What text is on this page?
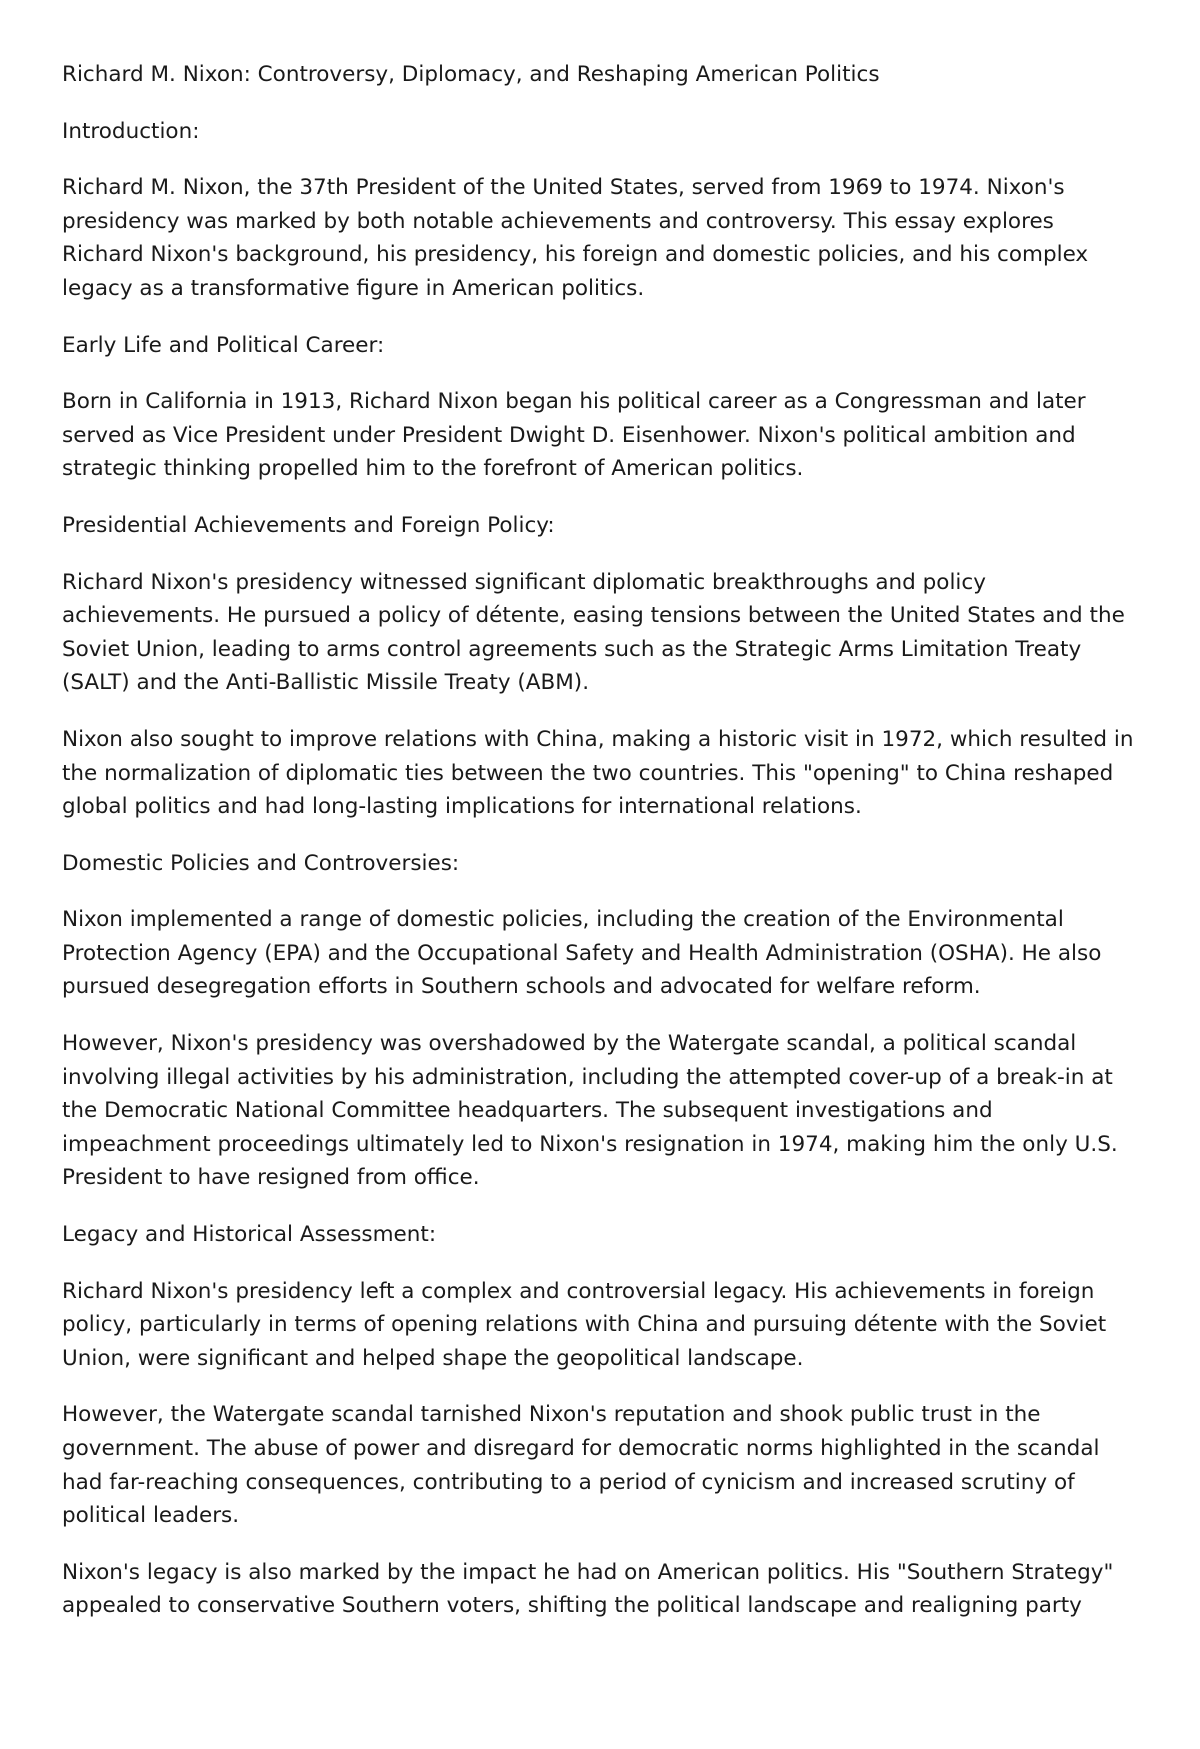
Richard M. Nixon: Controversy, Diplomacy, and Reshaping American Politics
Introduction:
Richard M. Nixon, the 37th President of the United States, served from 1969 to 1974. Nixon's presidency was marked by both notable achievements and controversy. This essay explores Richard Nixon's background, his presidency, his foreign and domestic policies, and his complex legacy as a transformative figure in American politics.
Early Life and Political Career:
Born in California in 1913, Richard Nixon began his political career as a Congressman and later served as Vice President under President Dwight D. Eisenhower. Nixon's political ambition and strategic thinking propelled him to the forefront of American politics.
Presidential Achievements and Foreign Policy:
Richard Nixon's presidency witnessed significant diplomatic breakthroughs and policy achievements. He pursued a policy of détente, easing tensions between the United States and the Soviet Union, leading to arms control agreements such as the Strategic Arms Limitation Treaty (SALT) and the Anti-Ballistic Missile Treaty (ABM).
Nixon also sought to improve relations with China, making a historic visit in 1972, which resulted in the normalization of diplomatic ties between the two countries. This "opening" to China reshaped global politics and had long-lasting implications for international relations.
Domestic Policies and Controversies:
Nixon implemented a range of domestic policies, including the creation of the Environmental Protection Agency (EPA) and the Occupational Safety and Health Administration (OSHA). He also pursued desegregation efforts in Southern schools and advocated for welfare reform.
However, Nixon's presidency was overshadowed by the Watergate scandal, a political scandal involving illegal activities by his administration, including the attempted cover-up of a break-in at the Democratic National Committee headquarters. The subsequent investigations and impeachment proceedings ultimately led to Nixon's resignation in 1974, making him the only U.S. President to have resigned from office.
Legacy and Historical Assessment:
Richard Nixon's presidency left a complex and controversial legacy. His achievements in foreign policy, particularly in terms of opening relations with China and pursuing détente with the Soviet Union, were significant and helped shape the geopolitical landscape.
However, the Watergate scandal tarnished Nixon's reputation and shook public trust in the government. The abuse of power and disregard for democratic norms highlighted in the scandal had far-reaching consequences, contributing to a period of cynicism and increased scrutiny of political leaders.
Nixon's legacy is also marked by the impact he had on American politics. His "Southern Strategy" appealed to conservative Southern voters, shifting the political landscape and realigning party
